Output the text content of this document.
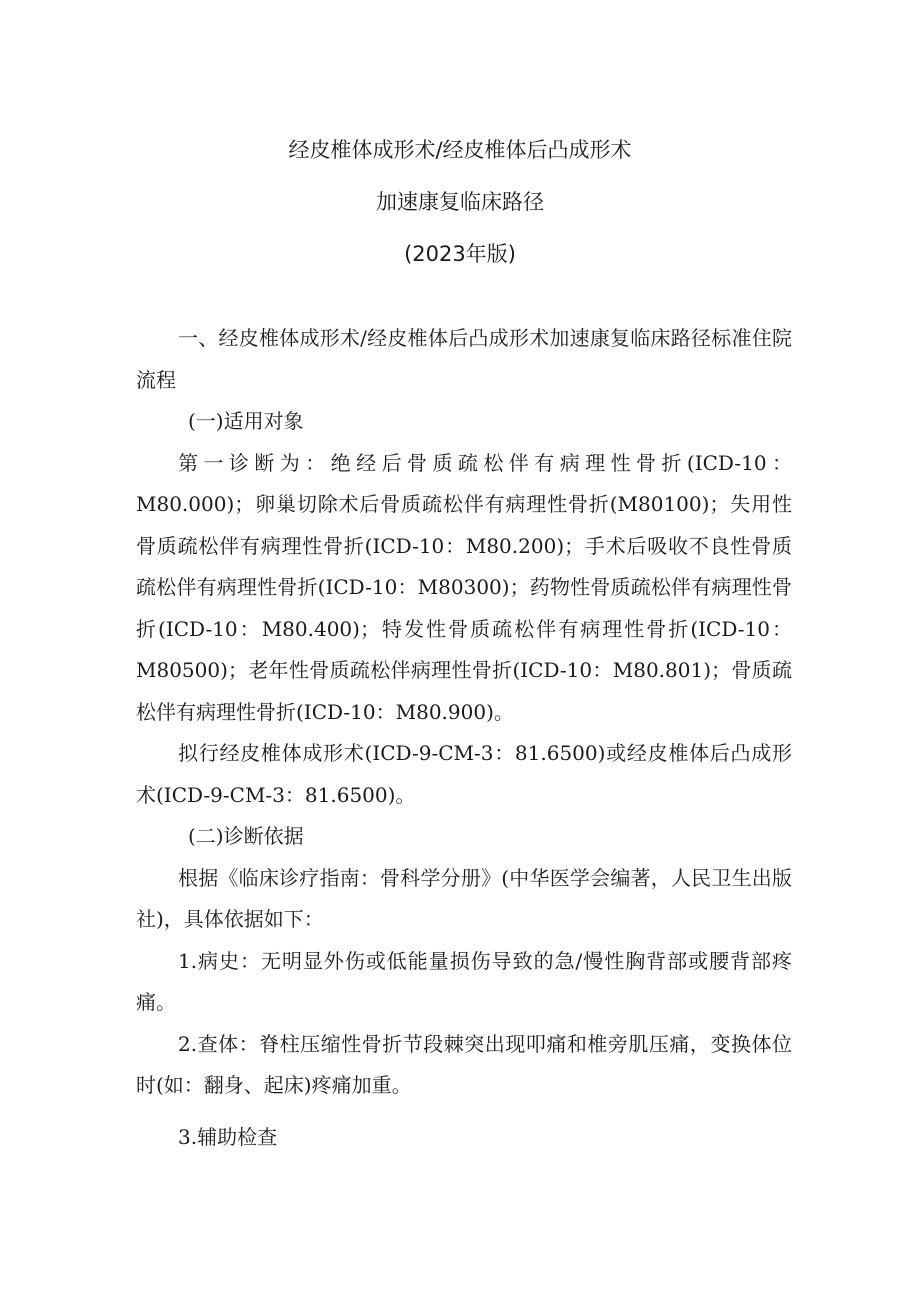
经皮椎体成形术/经皮椎体后凸成形术
加速康复临床路径
(2023年版)

一、经皮椎体成形术/经皮椎体后凸成形术加速康复临床路径标准住院流程

(一)适用对象

第一诊断为：绝经后骨质疏松伴有病理性骨折(ICD-10：M80.000)；卵巢切除术后骨质疏松伴有病理性骨折(M80100)；失用性骨质疏松伴有病理性骨折(ICD-10：M80.200)；手术后吸收不良性骨质疏松伴有病理性骨折(ICD-10：M80300)；药物性骨质疏松伴有病理性骨折(ICD-10：M80.400)；特发性骨质疏松伴有病理性骨折(ICD-10：M80500)；老年性骨质疏松伴病理性骨折(ICD-10：M80.801)；骨质疏松伴有病理性骨折(ICD-10：M80.900)。

拟行经皮椎体成形术(ICD-9-CM-3：81.6500)或经皮椎体后凸成形术(ICD-9-CM-3：81.6500)。

(二)诊断依据

根据《临床诊疗指南：骨科学分册》(中华医学会编著，人民卫生出版社)，具体依据如下：

1.病史：无明显外伤或低能量损伤导致的急/慢性胸背部或腰背部疼痛。

2.查体：脊柱压缩性骨折节段棘突出现叩痛和椎旁肌压痛，变换体位时(如：翻身、起床)疼痛加重。

3.辅助检查
